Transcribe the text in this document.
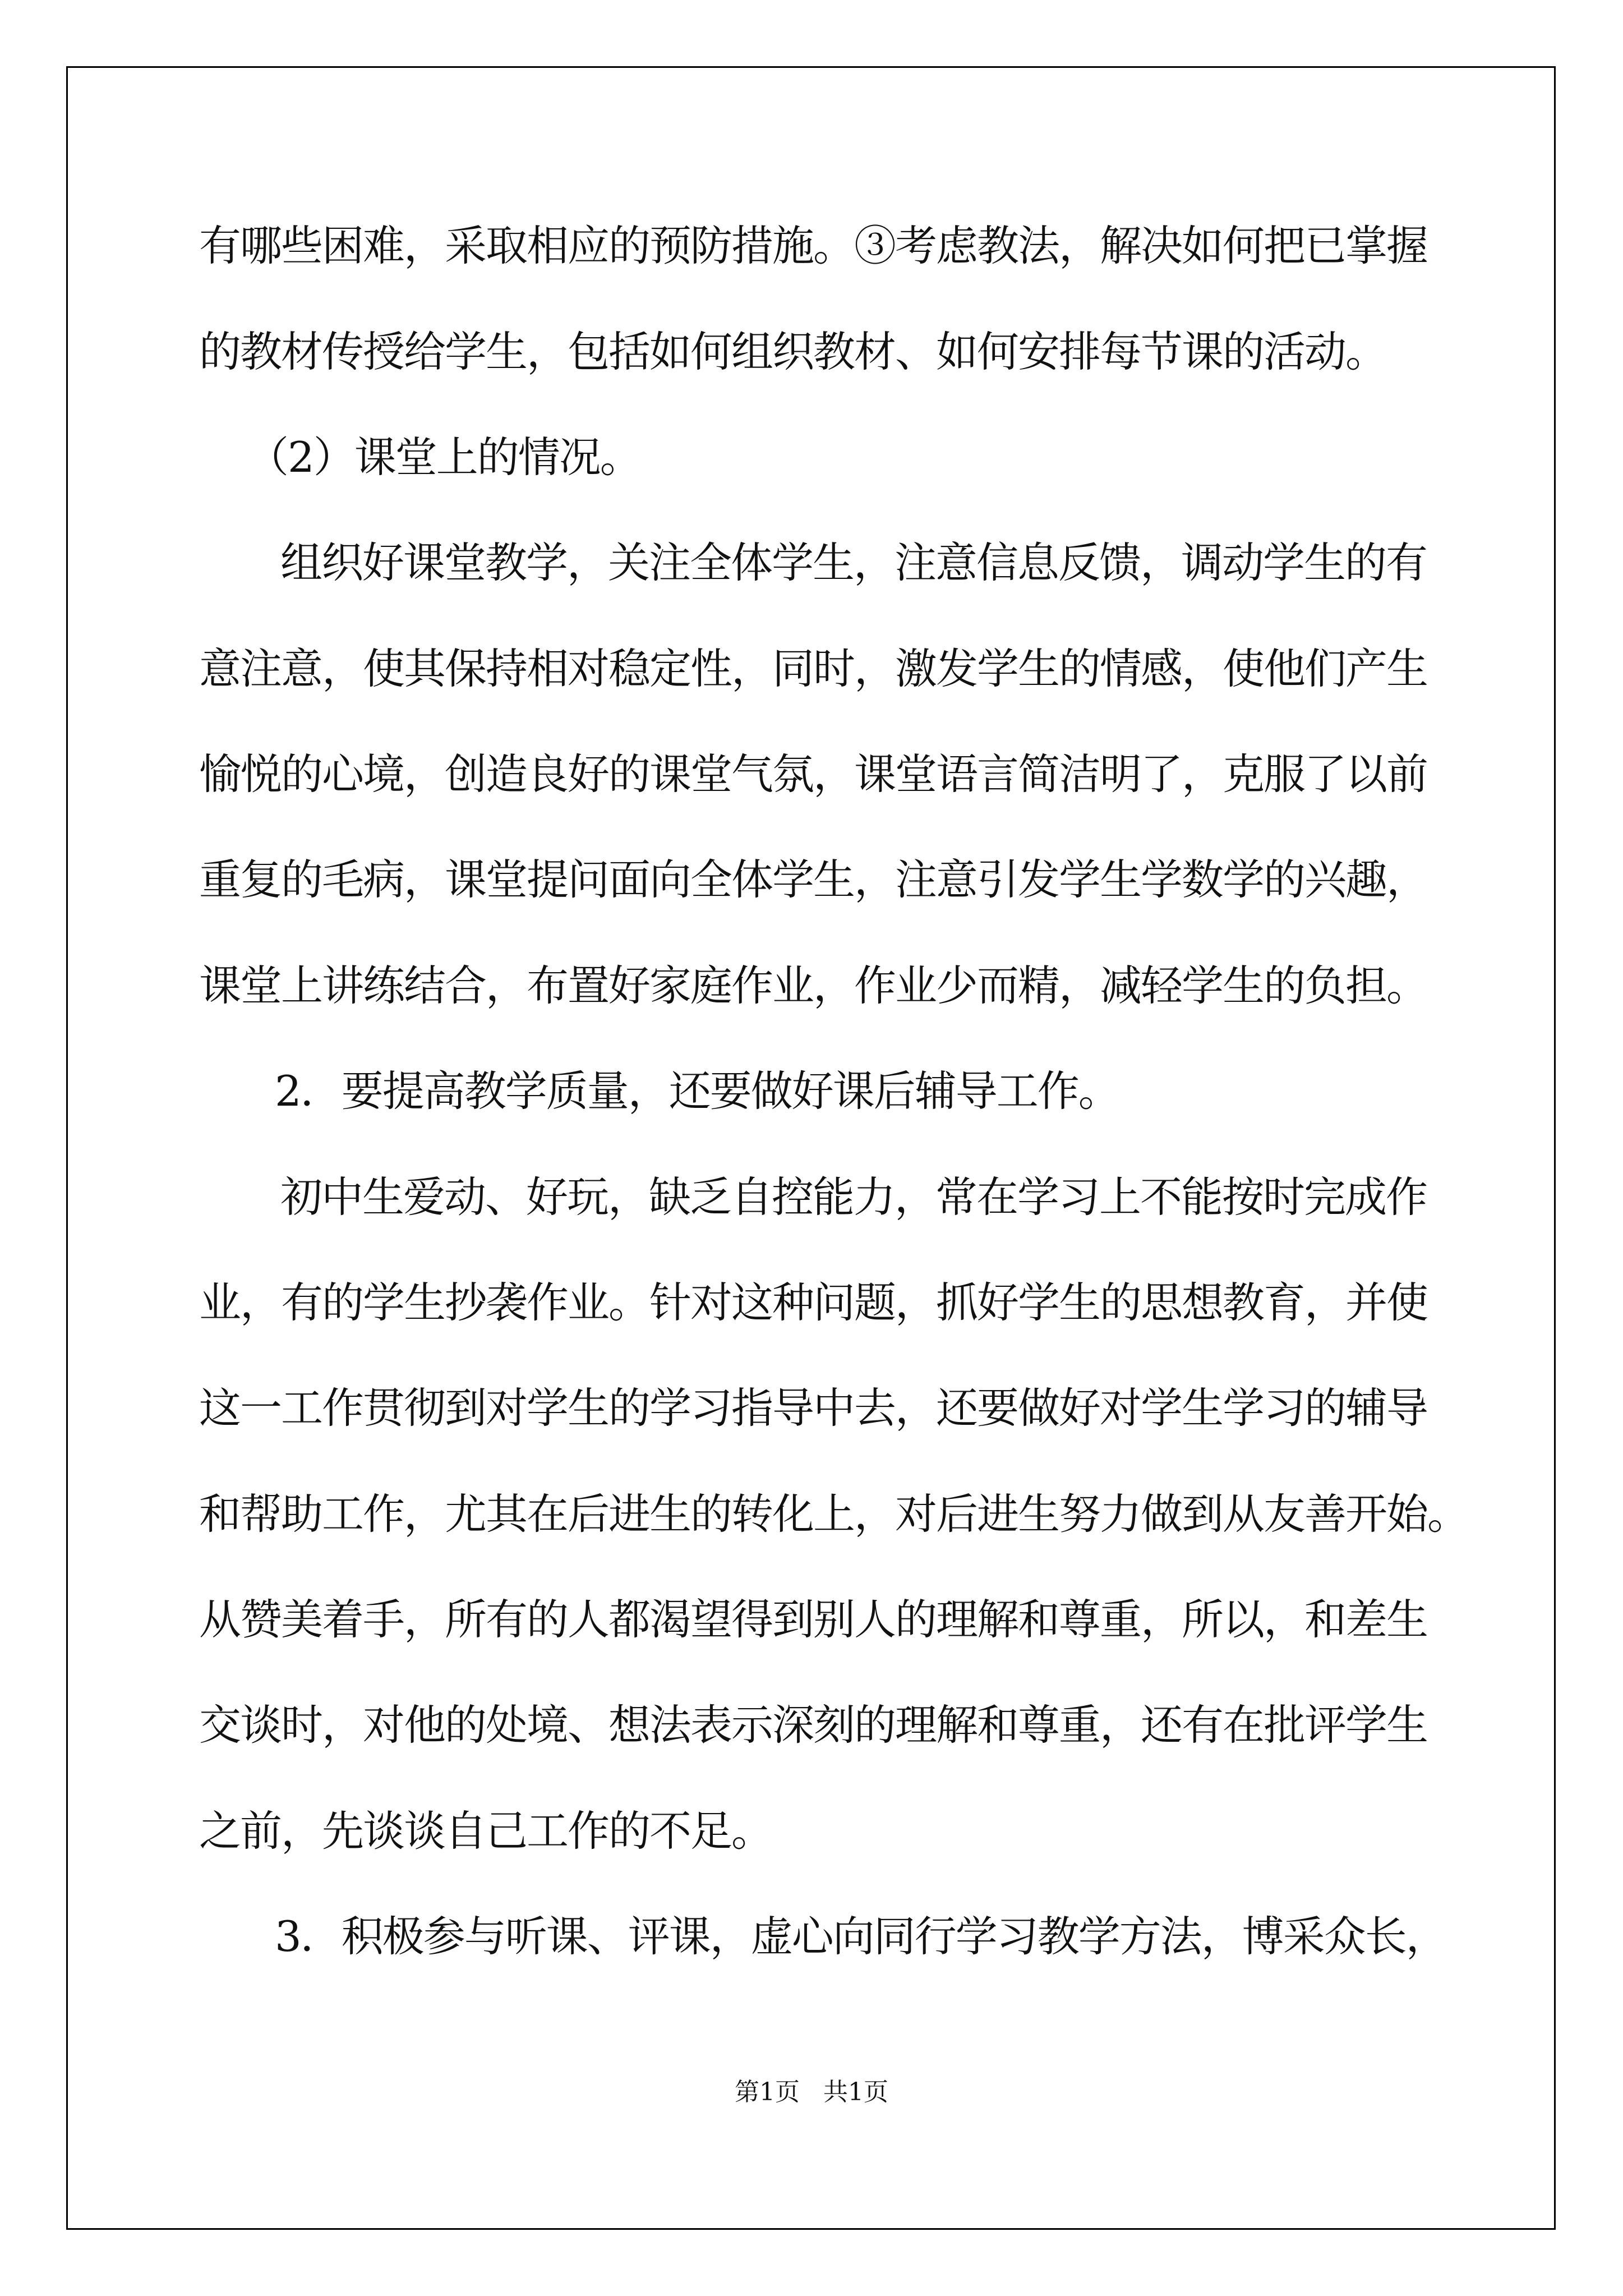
有哪些困难，采取相应的预防措施。③考虑教法，解决如何把已掌握
的教材传授给学生，包括如何组织教材、如何安排每节课的活动。
（2）课堂上的情况。
组织好课堂教学，关注全体学生，注意信息反馈，调动学生的有
意注意，使其保持相对稳定性，同时，激发学生的情感，使他们产生
愉悦的心境，创造良好的课堂气氛，课堂语言简洁明了，克服了以前
重复的毛病，课堂提问面向全体学生，注意引发学生学数学的兴趣，
课堂上讲练结合，布置好家庭作业，作业少而精，减轻学生的负担。
2．要提高教学质量，还要做好课后辅导工作。
初中生爱动、好玩，缺乏自控能力，常在学习上不能按时完成作
业，有的学生抄袭作业。针对这种问题，抓好学生的思想教育，并使
这一工作贯彻到对学生的学习指导中去，还要做好对学生学习的辅导
和帮助工作，尤其在后进生的转化上，对后进生努力做到从友善开始。
从赞美着手，所有的人都渴望得到别人的理解和尊重，所以，和差生
交谈时，对他的处境、想法表示深刻的理解和尊重，还有在批评学生
之前，先谈谈自己工作的不足。
3．积极参与听课、评课，虚心向同行学习教学方法，博采众长，
第1页   共1页
